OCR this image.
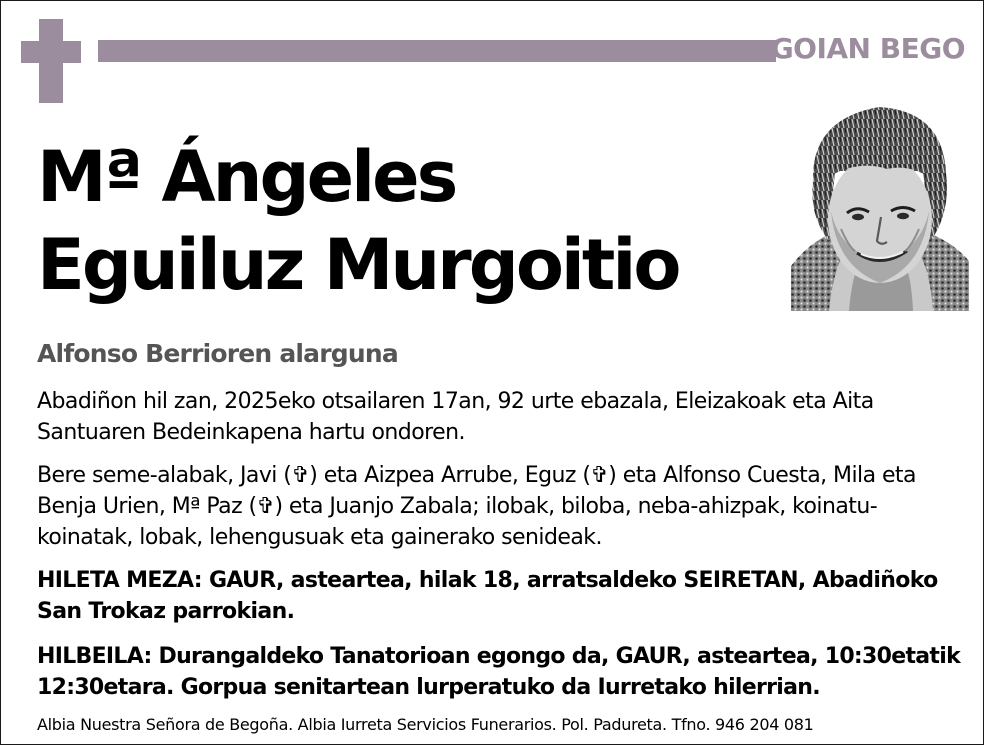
GOIAN BEGO
Mª Ángeles
Eguiluz Murgoitio
Alfonso Berrioren alarguna

Abadiñon hil zan, 2025eko otsailaren 17an, 92 urte ebazala, Eleizakoak eta Aita Santuaren Bedeinkapena hartu ondoren.

Bere seme-alabak, Javi (✞) eta Aizpea Arrube, Eguz (✞) eta Alfonso Cuesta, Mila eta Benja Urien, Mª Paz (✞) eta Juanjo Zabala; ilobak, biloba, neba-ahizpak, koinatu-koinatak, lobak, lehengusuak eta gainerako senideak.

HILETA MEZA: GAUR, asteartea, hilak 18, arratsaldeko SEIRETAN, Abadiñoko San Trokaz parrokian.

HILBEILA: Durangaldeko Tanatorioan egongo da, GAUR, asteartea, 10:30etatik 12:30etara. Gorpua senitartean lurperatuko da Iurretako hilerrian.

Albia Nuestra Señora de Begoña. Albia Iurreta Servicios Funerarios. Pol. Padureta. Tfno. 946 204 081
